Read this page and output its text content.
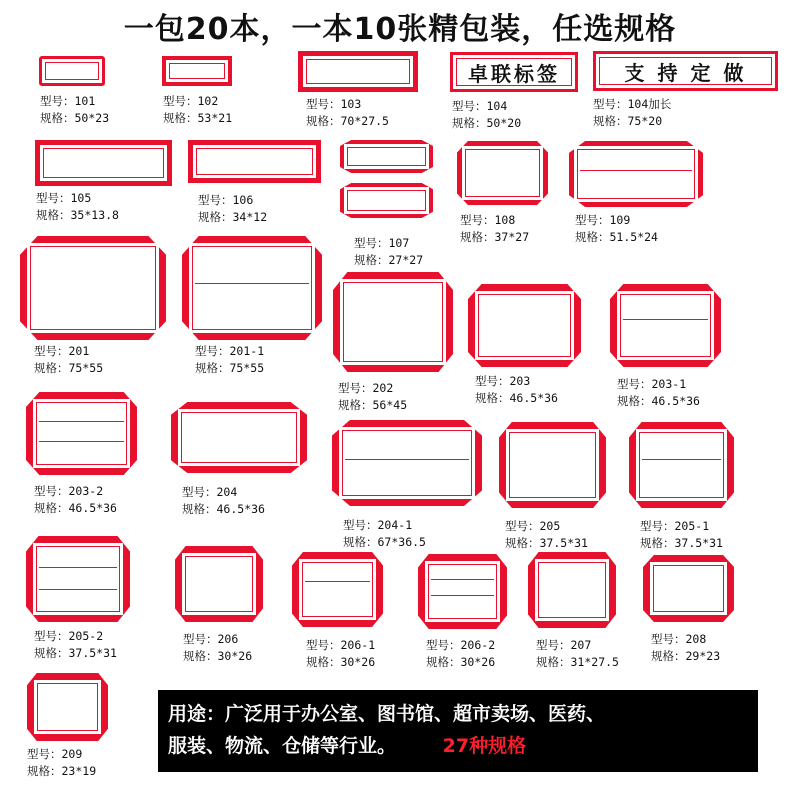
一包20本，一本10张精包装，任选规格
型号：101
规格：50*23
型号：102
规格：53*21
型号：103
规格：70*27.5
卓联标签
型号：104
规格：50*20
支 持 定 做
型号：104加长
规格：75*20
型号：105
规格：35*13.8
型号：106
规格：34*12
型号：107
规格：27*27
型号：108
规格：37*27
型号：109
规格：51.5*24
型号：201
规格：75*55
型号：201-1
规格：75*55
型号：202
规格：56*45
型号：203
规格：46.5*36
型号：203-1
规格：46.5*36
型号：203-2
规格：46.5*36
型号：204
规格：46.5*36
型号：204-1
规格：67*36.5
型号：205
规格：37.5*31
型号：205-1
规格：37.5*31
型号：205-2
规格：37.5*31
型号：206
规格：30*26
型号：206-1
规格：30*26
型号：206-2
规格：30*26
型号：207
规格：31*27.5
型号：208
规格：29*23
型号：209
规格：23*19
用途：广泛用于办公室、图书馆、超市卖场、医药、
服装、物流、仓储等行业。 27种规格
